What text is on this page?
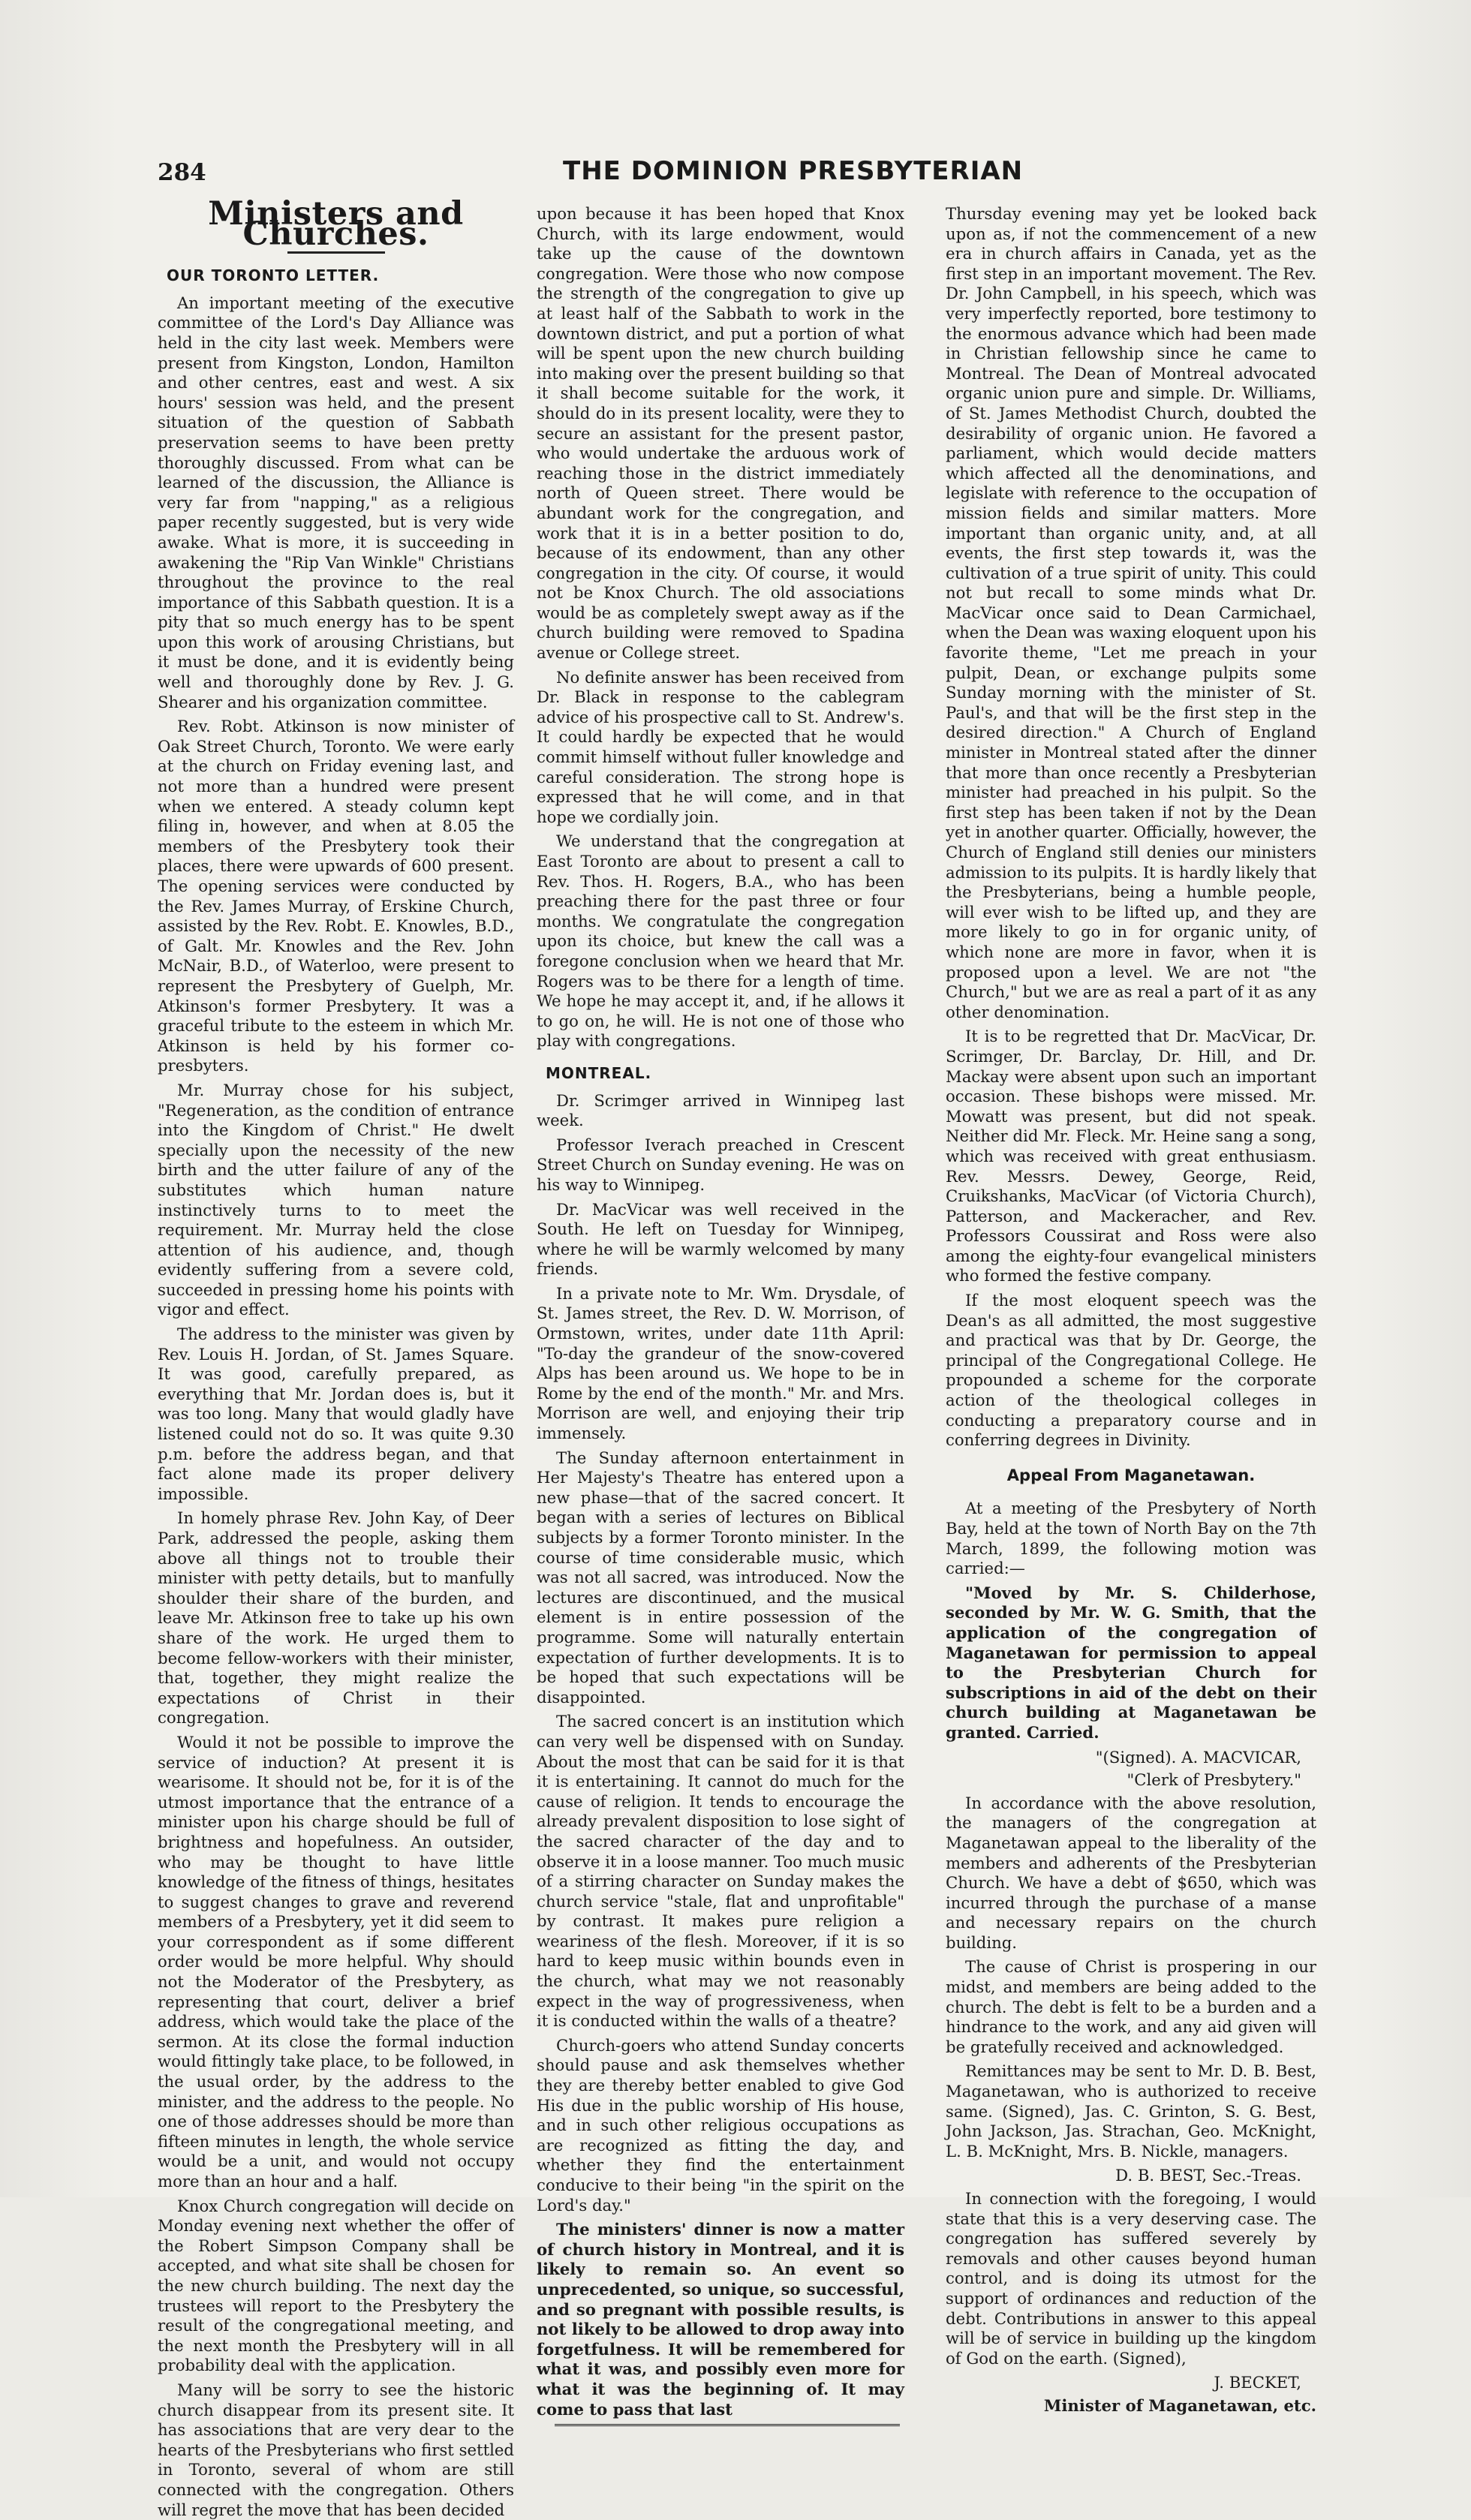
284	THE DOMINION PRESBYTERIAN
Ministers and Churches.
OUR TORONTO LETTER.

An important meeting of the executive committee of the Lord's Day Alliance was held in the city last week. Members were present from Kingston, London, Hamilton and other centres, east and west. A six hours' session was held, and the present situation of the question of Sabbath preservation seems to have been pretty thoroughly discussed. From what can be learned of the discussion, the Alliance is very far from "napping," as a religious paper recently suggested, but is very wide awake. What is more, it is succeeding in awakening the "Rip Van Winkle" Christians throughout the province to the real importance of this Sabbath question. It is a pity that so much energy has to be spent upon this work of arousing Christians, but it must be done, and it is evidently being well and thoroughly done by Rev. J. G. Shearer and his organization committee.

Rev. Robt. Atkinson is now minister of Oak Street Church, Toronto. We were early at the church on Friday evening last, and not more than a hundred were present when we entered. A steady column kept filing in, however, and when at 8.05 the members of the Presbytery took their places, there were upwards of 600 present. The opening services were conducted by the Rev. James Murray, of Erskine Church, assisted by the Rev. Robt. E. Knowles, B.D., of Galt. Mr. Knowles and the Rev. John McNair, B.D., of Waterloo, were present to represent the Presbytery of Guelph, Mr. Atkinson's former Presbytery. It was a graceful tribute to the esteem in which Mr. Atkinson is held by his former co-presbyters.

Mr. Murray chose for his subject, "Regeneration, as the condition of entrance into the Kingdom of Christ." He dwelt specially upon the necessity of the new birth and the utter failure of any of the substitutes which human nature instinctively turns to to meet the requirement. Mr. Murray held the close attention of his audience, and, though evidently suffering from a severe cold, succeeded in pressing home his points with vigor and effect.

The address to the minister was given by Rev. Louis H. Jordan, of St. James Square. It was good, carefully prepared, as everything that Mr. Jordan does is, but it was too long. Many that would gladly have listened could not do so. It was quite 9.30 p.m. before the address began, and that fact alone made its proper delivery impossible.

In homely phrase Rev. John Kay, of Deer Park, addressed the people, asking them above all things not to trouble their minister with petty details, but to manfully shoulder their share of the burden, and leave Mr. Atkinson free to take up his own share of the work. He urged them to become fellow-workers with their minister, that, together, they might realize the expectations of Christ in their congregation.

Would it not be possible to improve the service of induction? At present it is wearisome. It should not be, for it is of the utmost importance that the entrance of a minister upon his charge should be full of brightness and hopefulness. An outsider, who may be thought to have little knowledge of the fitness of things, hesitates to suggest changes to grave and reverend members of a Presbytery, yet it did seem to your correspondent as if some different order would be more helpful. Why should not the Moderator of the Presbytery, as representing that court, deliver a brief address, which would take the place of the sermon. At its close the formal induction would fittingly take place, to be followed, in the usual order, by the address to the minister, and the address to the people. No one of those addresses should be more than fifteen minutes in length, the whole service would be a unit, and would not occupy more than an hour and a half.

Knox Church congregation will decide on Monday evening next whether the offer of the Robert Simpson Company shall be accepted, and what site shall be chosen for the new church building. The next day the trustees will report to the Presbytery the result of the congregational meeting, and the next month the Presbytery will in all probability deal with the application.

Many will be sorry to see the historic church disappear from its present site. It has associations that are very dear to the hearts of the Presbyterians who first settled in Toronto, several of whom are still connected with the congregation. Others will regret the move that has been decided

upon because it has been hoped that Knox Church, with its large endowment, would take up the cause of the downtown congregation. Were those who now compose the strength of the congregation to give up at least half of the Sabbath to work in the downtown district, and put a portion of what will be spent upon the new church building into making over the present building so that it shall become suitable for the work, it should do in its present locality, were they to secure an assistant for the present pastor, who would undertake the arduous work of reaching those in the district immediately north of Queen street. There would be abundant work for the congregation, and work that it is in a better position to do, because of its endowment, than any other congregation in the city. Of course, it would not be Knox Church. The old associations would be as completely swept away as if the church building were removed to Spadina avenue or College street.

No definite answer has been received from Dr. Black in response to the cablegram advice of his prospective call to St. Andrew's. It could hardly be expected that he would commit himself without fuller knowledge and careful consideration. The strong hope is expressed that he will come, and in that hope we cordially join.

We understand that the congregation at East Toronto are about to present a call to Rev. Thos. H. Rogers, B.A., who has been preaching there for the past three or four months. We congratulate the congregation upon its choice, but knew the call was a foregone conclusion when we heard that Mr. Rogers was to be there for a length of time. We hope he may accept it, and, if he allows it to go on, he will. He is not one of those who play with congregations.

MONTREAL.

Dr. Scrimger arrived in Winnipeg last week.

Professor Iverach preached in Crescent Street Church on Sunday evening. He was on his way to Winnipeg.

Dr. MacVicar was well received in the South. He left on Tuesday for Winnipeg, where he will be warmly welcomed by many friends.

In a private note to Mr. Wm. Drysdale, of St. James street, the Rev. D. W. Morrison, of Ormstown, writes, under date 11th April: "To-day the grandeur of the snow-covered Alps has been around us. We hope to be in Rome by the end of the month." Mr. and Mrs. Morrison are well, and enjoying their trip immensely.

The Sunday afternoon entertainment in Her Majesty's Theatre has entered upon a new phase—that of the sacred concert. It began with a series of lectures on Biblical subjects by a former Toronto minister. In the course of time considerable music, which was not all sacred, was introduced. Now the lectures are discontinued, and the musical element is in entire possession of the programme. Some will naturally entertain expectation of further developments. It is to be hoped that such expectations will be disappointed.

The sacred concert is an institution which can very well be dispensed with on Sunday. About the most that can be said for it is that it is entertaining. It cannot do much for the cause of religion. It tends to encourage the already prevalent disposition to lose sight of the sacred character of the day and to observe it in a loose manner. Too much music of a stirring character on Sunday makes the church service "stale, flat and unprofitable" by contrast. It makes pure religion a weariness of the flesh. Moreover, if it is so hard to keep music within bounds even in the church, what may we not reasonably expect in the way of progressiveness, when it is conducted within the walls of a theatre?

Church-goers who attend Sunday concerts should pause and ask themselves whether they are thereby better enabled to give God His due in the public worship of His house, and in such other religious occupations as are recognized as fitting the day, and whether they find the entertainment conducive to their being "in the spirit on the Lord's day."

The ministers' dinner is now a matter of church history in Montreal, and it is likely to remain so. An event so unprecedented, so unique, so successful, and so pregnant with possible results, is not likely to be allowed to drop away into forgetfulness. It will be remembered for what it was, and possibly even more for what it was the beginning of. It may come to pass that last

Thursday evening may yet be looked back upon as, if not the commencement of a new era in church affairs in Canada, yet as the first step in an important movement. The Rev. Dr. John Campbell, in his speech, which was very imperfectly reported, bore testimony to the enormous advance which had been made in Christian fellowship since he came to Montreal. The Dean of Montreal advocated organic union pure and simple. Dr. Williams, of St. James Methodist Church, doubted the desirability of organic union. He favored a parliament, which would decide matters which affected all the denominations, and legislate with reference to the occupation of mission fields and similar matters. More important than organic unity, and, at all events, the first step towards it, was the cultivation of a true spirit of unity. This could not but recall to some minds what Dr. MacVicar once said to Dean Carmichael, when the Dean was waxing eloquent upon his favorite theme, "Let me preach in your pulpit, Dean, or exchange pulpits some Sunday morning with the minister of St. Paul's, and that will be the first step in the desired direction." A Church of England minister in Montreal stated after the dinner that more than once recently a Presbyterian minister had preached in his pulpit. So the first step has been taken if not by the Dean yet in another quarter. Officially, however, the Church of England still denies our ministers admission to its pulpits. It is hardly likely that the Presbyterians, being a humble people, will ever wish to be lifted up, and they are more likely to go in for organic unity, of which none are more in favor, when it is proposed upon a level. We are not "the Church," but we are as real a part of it as any other denomination.

It is to be regretted that Dr. MacVicar, Dr. Scrimger, Dr. Barclay, Dr. Hill, and Dr. Mackay were absent upon such an important occasion. These bishops were missed. Mr. Mowatt was present, but did not speak. Neither did Mr. Fleck. Mr. Heine sang a song, which was received with great enthusiasm. Rev. Messrs. Dewey, George, Reid, Cruikshanks, MacVicar (of Victoria Church), Patterson, and Mackeracher, and Rev. Professors Coussirat and Ross were also among the eighty-four evangelical ministers who formed the festive company.

If the most eloquent speech was the Dean's as all admitted, the most suggestive and practical was that by Dr. George, the principal of the Congregational College. He propounded a scheme for the corporate action of the theological colleges in conducting a preparatory course and in conferring degrees in Divinity.

Appeal From Maganetawan.

At a meeting of the Presbytery of North Bay, held at the town of North Bay on the 7th March, 1899, the following motion was carried:—

"Moved by Mr. S. Childerhose, seconded by Mr. W. G. Smith, that the application of the congregation of Maganetawan for permission to appeal to the Presbyterian Church for subscriptions in aid of the debt on their church building at Maganetawan be granted. Carried.

"(Signed). A. MACVICAR,
"Clerk of Presbytery."

In accordance with the above resolution, the managers of the congregation at Maganetawan appeal to the liberality of the members and adherents of the Presbyterian Church. We have a debt of $650, which was incurred through the purchase of a manse and necessary repairs on the church building.

The cause of Christ is prospering in our midst, and members are being added to the church. The debt is felt to be a burden and a hindrance to the work, and any aid given will be gratefully received and acknowledged.

Remittances may be sent to Mr. D. B. Best, Maganetawan, who is authorized to receive same. (Signed), Jas. C. Grinton, S. G. Best, John Jackson, Jas. Strachan, Geo. McKnight, L. B. McKnight, Mrs. B. Nickle, managers.

D. B. BEST, Sec.-Treas.

In connection with the foregoing, I would state that this is a very deserving case. The congregation has suffered severely by removals and other causes beyond human control, and is doing its utmost for the support of ordinances and reduction of the debt. Contributions in answer to this appeal will be of service in building up the kingdom of God on the earth. (Signed),

J. BECKET,
Minister of Maganetawan, etc.
